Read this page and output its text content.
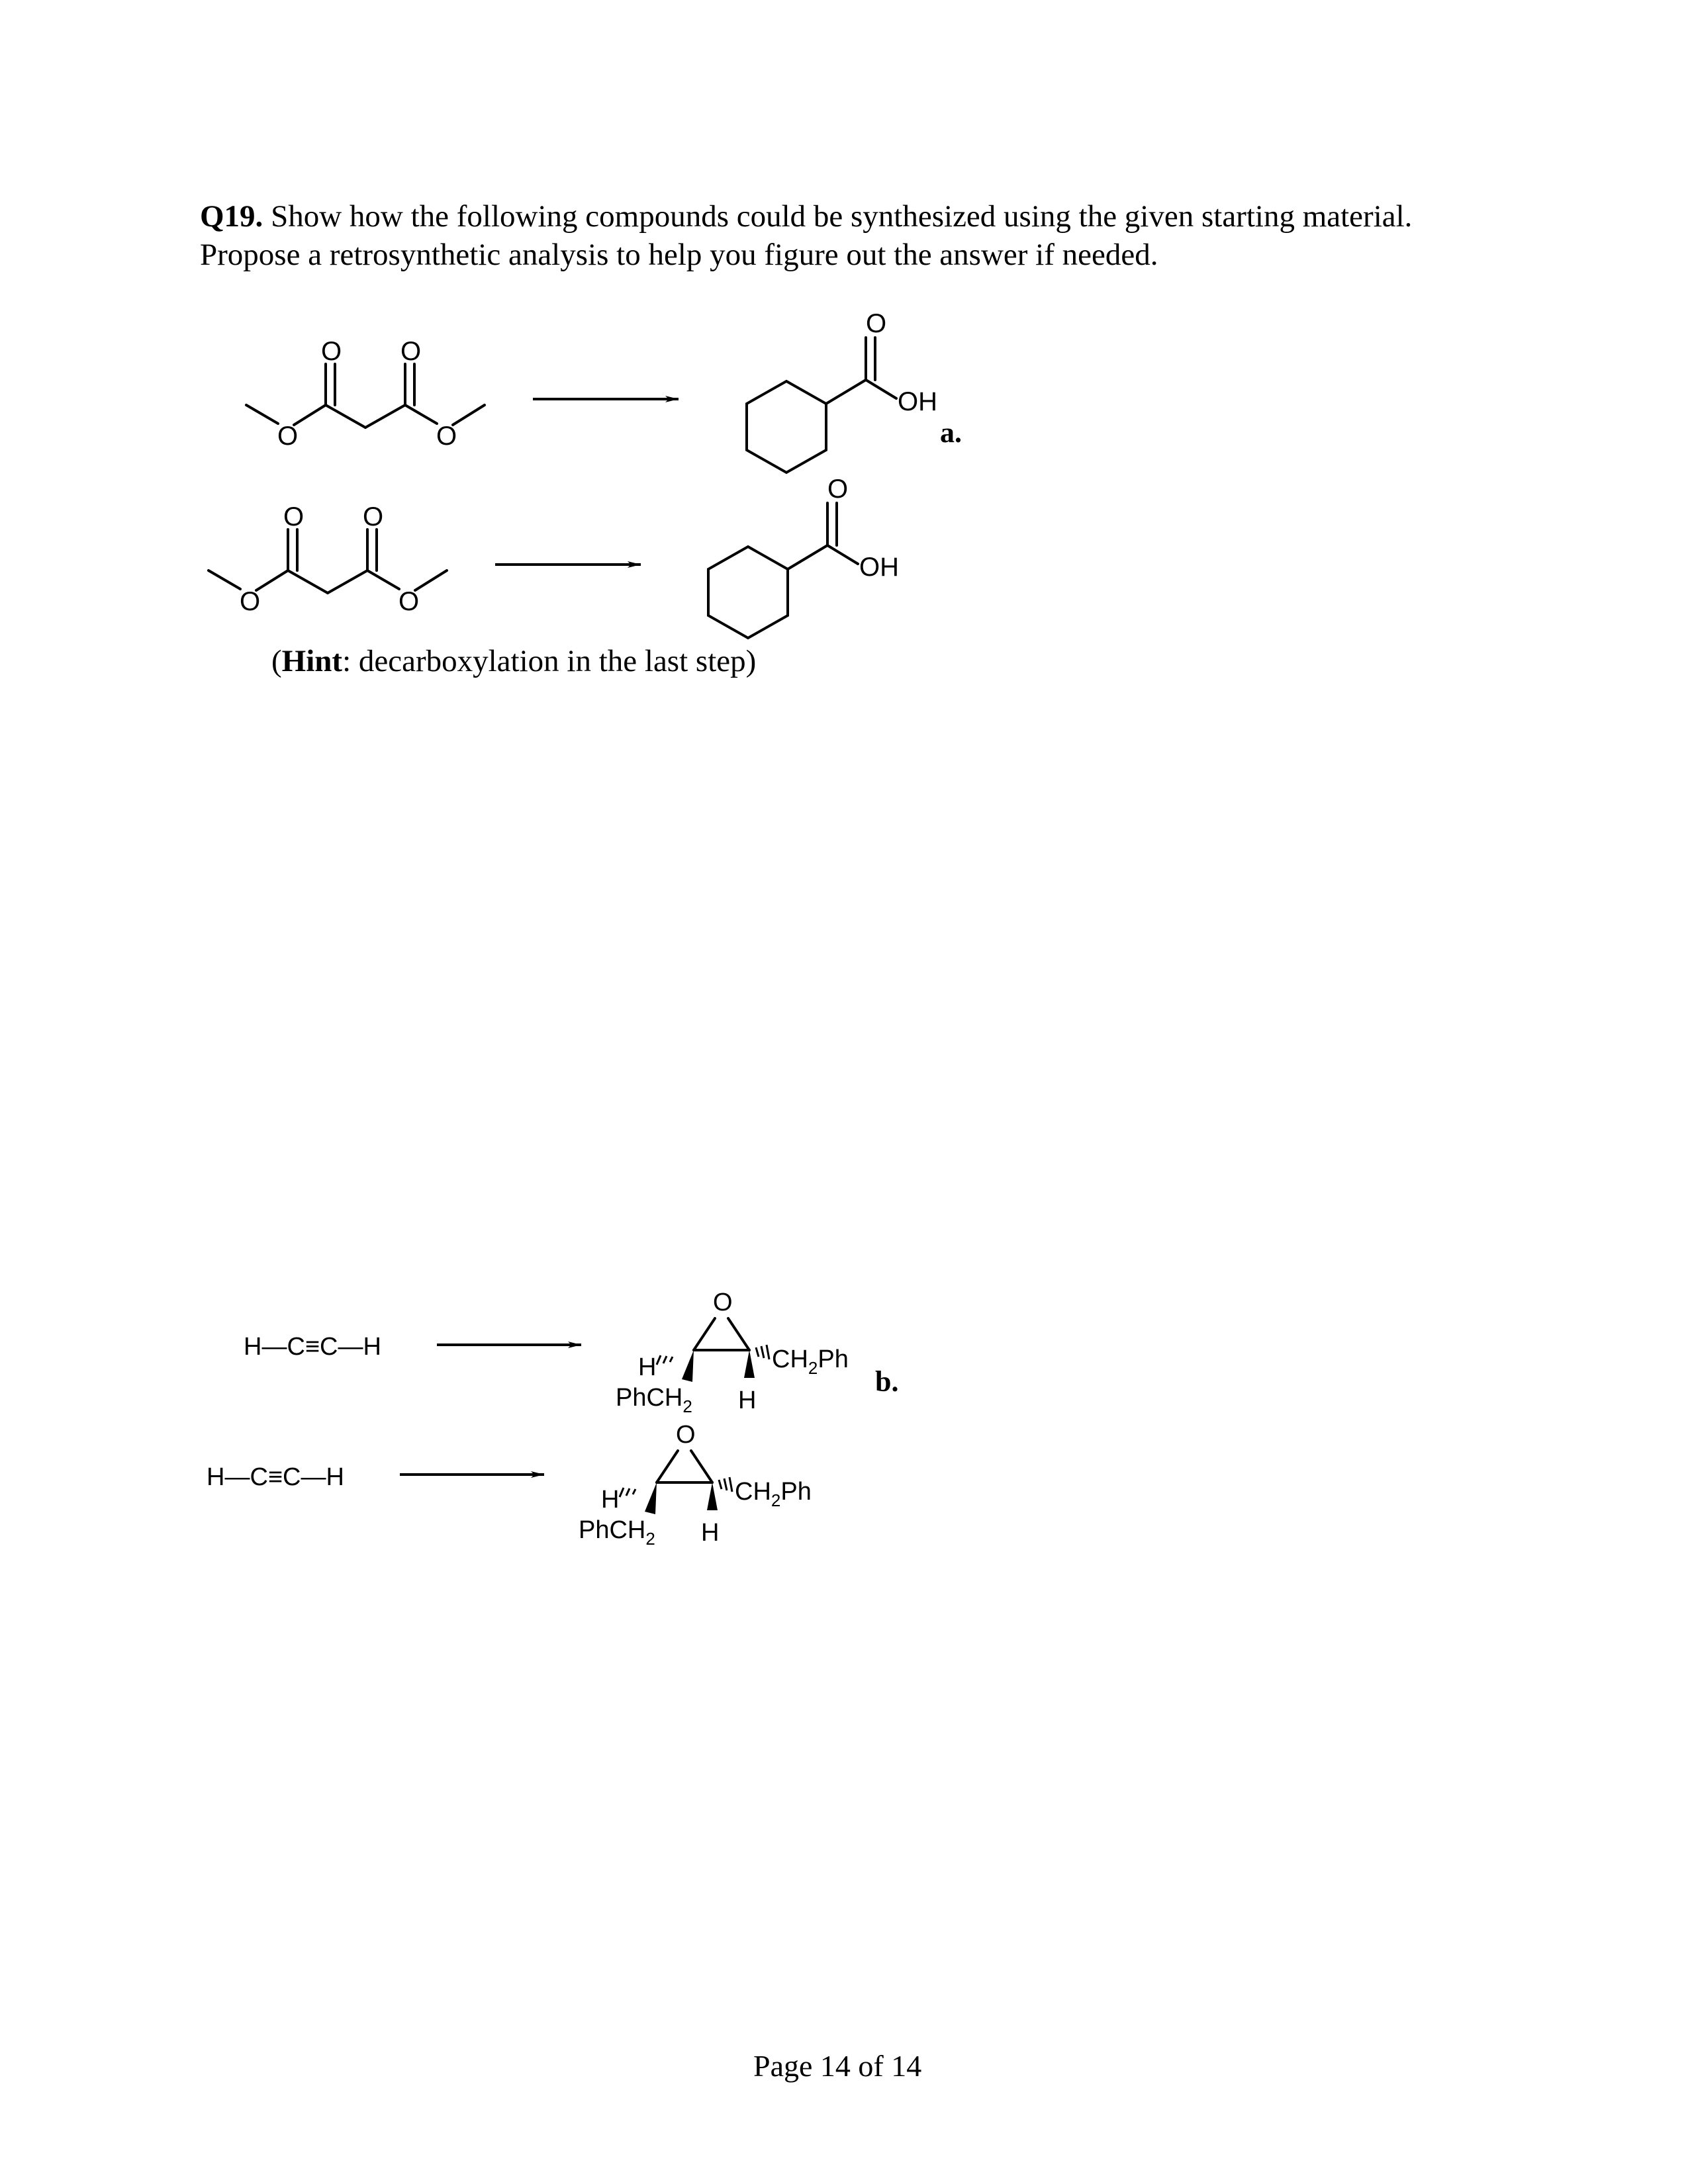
Q19. Show how the following compounds could be synthesized using the given starting material.
Propose a retrosynthetic analysis to help you figure out the answer if needed.
a.
b.
(Hint: decarboxylation in the last step)
O	O
O O
O
OH
O	O
O O
O
OH
H—C≡C—H
O
H
PhCH$_2$ H
$CH_2Ph$
H—C≡C—H
O
H
PhCH$_2$ H
$CH_2Ph$
Page 14 of 14
